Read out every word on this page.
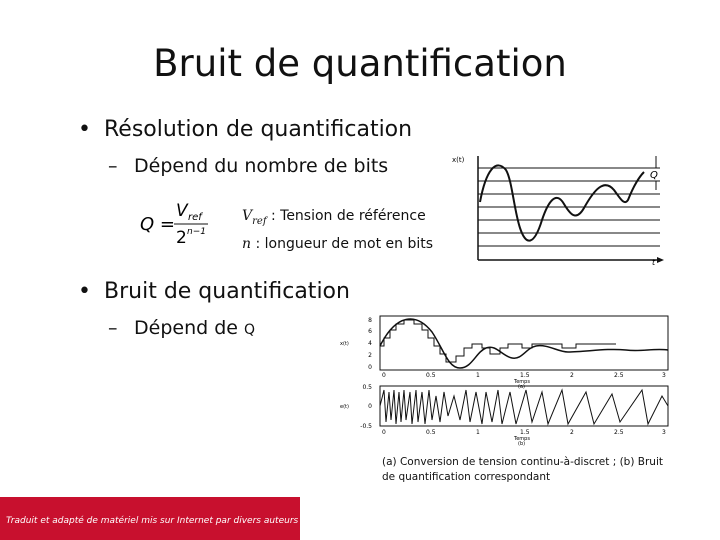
Bruit de quantification
• Résolution de quantification
– Dépend du nombre de bits
Q =
V ref
2 n−1
$V_{ref}$ : Tension de référence
n : longueur de mot en bits
x(t)
t
Q
• Bruit de quantification
– Dépend de Q
8
6
4
2
0
x(t)
0	0.5	1	1.5	2	2.5	3
Temps
0.5
0
-0.5
e(t)
0	0.5	1	1.5	2	2.5	3
Temps
(b)
(a)
(a) Conversion de tension continu-à-discret ; (b) Bruit de quantification correspondant
Traduit et adapté de matériel mis sur Internet par divers auteurs
